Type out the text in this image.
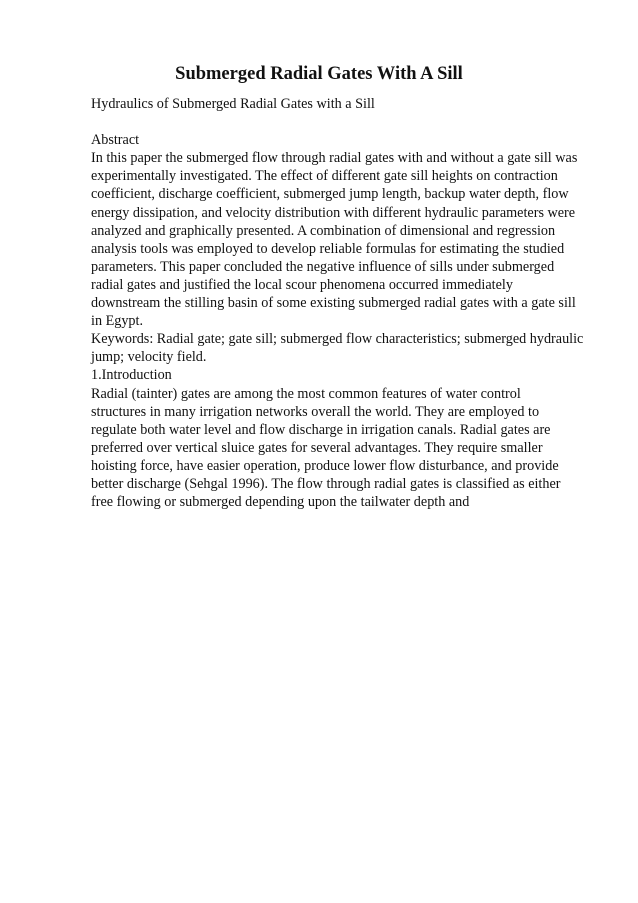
Submerged Radial Gates With A Sill
Hydraulics of Submerged Radial Gates with a Sill
Abstract
In this paper the submerged flow through radial gates with and without a gate sill was
experimentally investigated. The effect of different gate sill heights on contraction
coefficient, discharge coefficient, submerged jump length, backup water depth, flow
energy dissipation, and velocity distribution with different hydraulic parameters were
analyzed and graphically presented. A combination of dimensional and regression
analysis tools was employed to develop reliable formulas for estimating the studied
parameters. This paper concluded the negative influence of sills under submerged
radial gates and justified the local scour phenomena occurred immediately
downstream the stilling basin of some existing submerged radial gates with a gate sill
in Egypt.
Keywords: Radial gate; gate sill; submerged flow characteristics; submerged hydraulic
jump; velocity field.
1.Introduction
Radial (tainter) gates are among the most common features of water control
structures in many irrigation networks overall the world. They are employed to
regulate both water level and flow discharge in irrigation canals. Radial gates are
preferred over vertical sluice gates for several advantages. They require smaller
hoisting force, have easier operation, produce lower flow disturbance, and provide
better discharge (Sehgal 1996). The flow through radial gates is classified as either
free flowing or submerged depending upon the tailwater depth and
